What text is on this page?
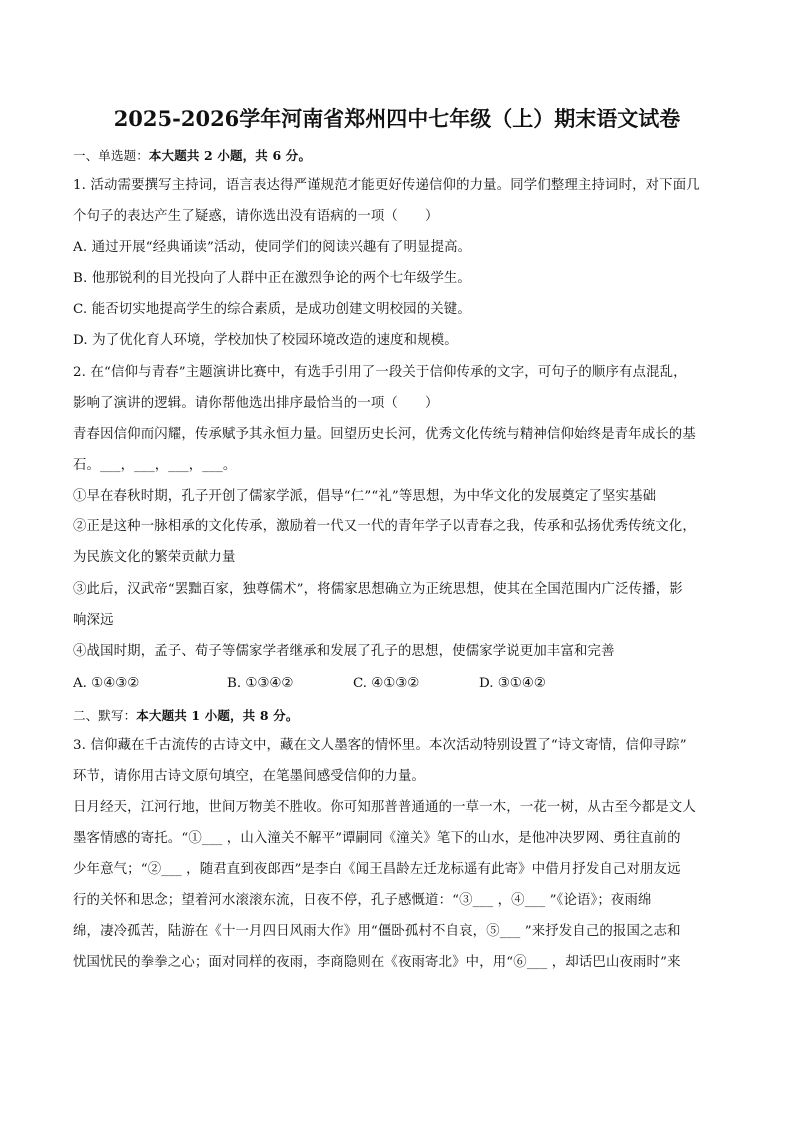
2025-2026学年河南省郑州四中七年级（上）期末语文试卷
一、单选题：本大题共 2 小题，共 6 分。
1. 活动需要撰写主持词，语言表达得严谨规范才能更好传递信仰的力量。同学们整理主持词时，对下面几
个句子的表达产生了疑惑，请你选出没有语病的一项（　　）
A. 通过开展“经典诵读”活动，使同学们的阅读兴趣有了明显提高。
B. 他那锐利的目光投向了人群中正在激烈争论的两个七年级学生。
C. 能否切实地提高学生的综合素质，是成功创建文明校园的关键。
D. 为了优化育人环境，学校加快了校园环境改造的速度和规模。
2. 在“信仰与青春”主题演讲比赛中，有选手引用了一段关于信仰传承的文字，可句子的顺序有点混乱，
影响了演讲的逻辑。请你帮他选出排序最恰当的一项（　　）
青春因信仰而闪耀，传承赋予其永恒力量。回望历史长河，优秀文化传统与精神信仰始终是青年成长的基
石。___，___，___，___。
①早在春秋时期，孔子开创了儒家学派，倡导“仁”“礼”等思想，为中华文化的发展奠定了坚实基础
②正是这种一脉相承的文化传承，激励着一代又一代的青年学子以青春之我，传承和弘扬优秀传统文化，
为民族文化的繁荣贡献力量
③此后，汉武帝“罢黜百家，独尊儒术”，将儒家思想确立为正统思想，使其在全国范围内广泛传播，影
响深远
④战国时期，孟子、荀子等儒家学者继承和发展了孔子的思想，使儒家学说更加丰富和完善
A. ①④③②	B. ①③④②	C. ④①③②	D. ③①④②
二、默写：本大题共 1 小题，共 8 分。
3. 信仰藏在千古流传的古诗文中，藏在文人墨客的情怀里。本次活动特别设置了“诗文寄情，信仰寻踪”
环节，请你用古诗文原句填空，在笔墨间感受信仰的力量。
日月经天，江河行地，世间万物美不胜收。你可知那普普通通的一草一木，一花一树，从古至今都是文人
墨客情感的寄托。“①___ ，山入潼关不解平”谭嗣同《潼关》笔下的山水，是他冲决罗网、勇往直前的
少年意气；“②___ ，随君直到夜郎西”是李白《闻王昌龄左迁龙标遥有此寄》中借月抒发自己对朋友远
行的关怀和思念；望着河水滚滚东流，日夜不停，孔子感慨道：“③___ ，④___ ”《论语》；夜雨绵
绵，凄冷孤苦，陆游在《十一月四日风雨大作》用“僵卧孤村不自哀，⑤___ ”来抒发自己的报国之志和
忧国忧民的拳拳之心；面对同样的夜雨，李商隐则在《夜雨寄北》中，用“⑥___ ，却话巴山夜雨时”来
